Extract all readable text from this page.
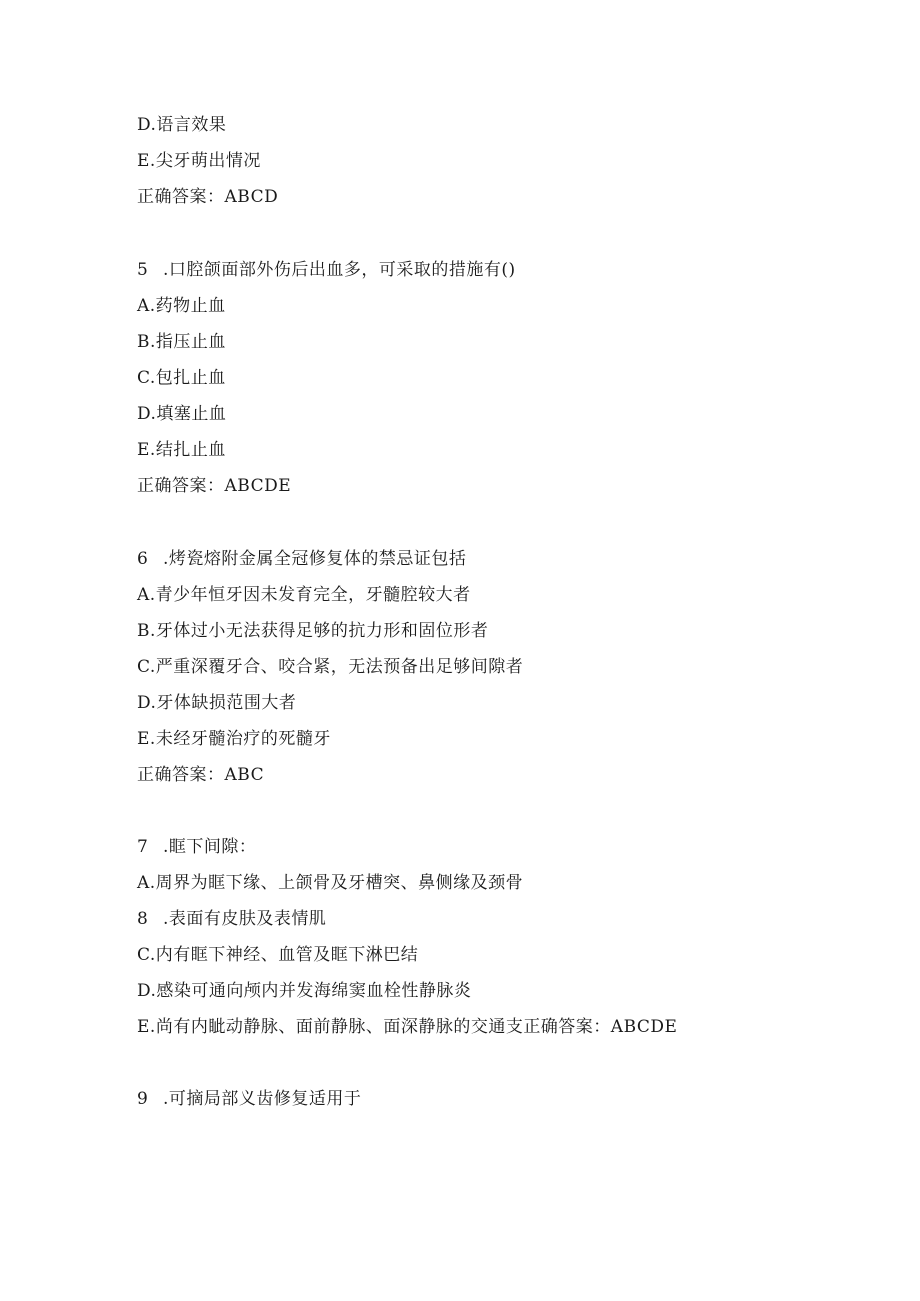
D.语言效果
E.尖牙萌出情况
正确答案：ABCD
5 .口腔颌面部外伤后出血多，可采取的措施有()
A.药物止血
B.指压止血
C.包扎止血
D.填塞止血
E.结扎止血
正确答案：ABCDE
6 .烤瓷熔附金属全冠修复体的禁忌证包括
A.青少年恒牙因未发育完全，牙髓腔较大者
B.牙体过小无法获得足够的抗力形和固位形者
C.严重深覆牙合、咬合紧，无法预备出足够间隙者
D.牙体缺损范围大者
E.未经牙髓治疗的死髓牙
正确答案：ABC
7 .眶下间隙：
A.周界为眶下缘、上颌骨及牙槽突、鼻侧缘及颈骨
8 .表面有皮肤及表情肌
C.内有眶下神经、血管及眶下淋巴结
D.感染可通向颅内并发海绵窦血栓性静脉炎
E.尚有内眦动静脉、面前静脉、面深静脉的交通支正确答案：ABCDE
9 .可摘局部义齿修复适用于
